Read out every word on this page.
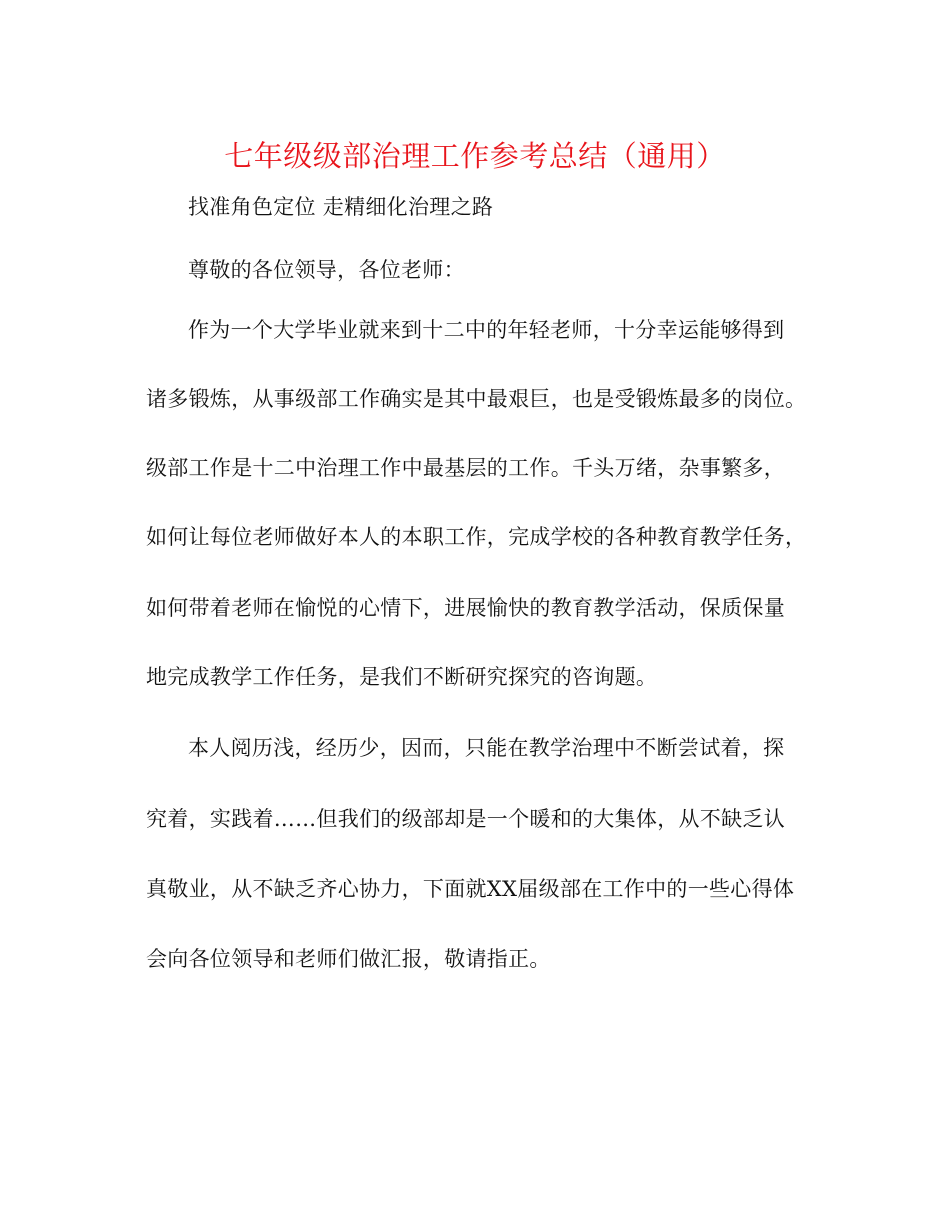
七年级级部治理工作参考总结（通用）
找准角色定位 走精细化治理之路
尊敬的各位领导，各位老师：
作为一个大学毕业就来到十二中的年轻老师，十分幸运能够得到
诸多锻炼，从事级部工作确实是其中最艰巨，也是受锻炼最多的岗位。
级部工作是十二中治理工作中最基层的工作。千头万绪，杂事繁多，
如何让每位老师做好本人的本职工作，完成学校的各种教育教学任务，
如何带着老师在愉悦的心情下，进展愉快的教育教学活动，保质保量
地完成教学工作任务，是我们不断研究探究的咨询题。
本人阅历浅，经历少，因而，只能在教学治理中不断尝试着，探
究着，实践着……但我们的级部却是一个暖和的大集体，从不缺乏认
真敬业，从不缺乏齐心协力，下面就XX届级部在工作中的一些心得体
会向各位领导和老师们做汇报，敬请指正。
